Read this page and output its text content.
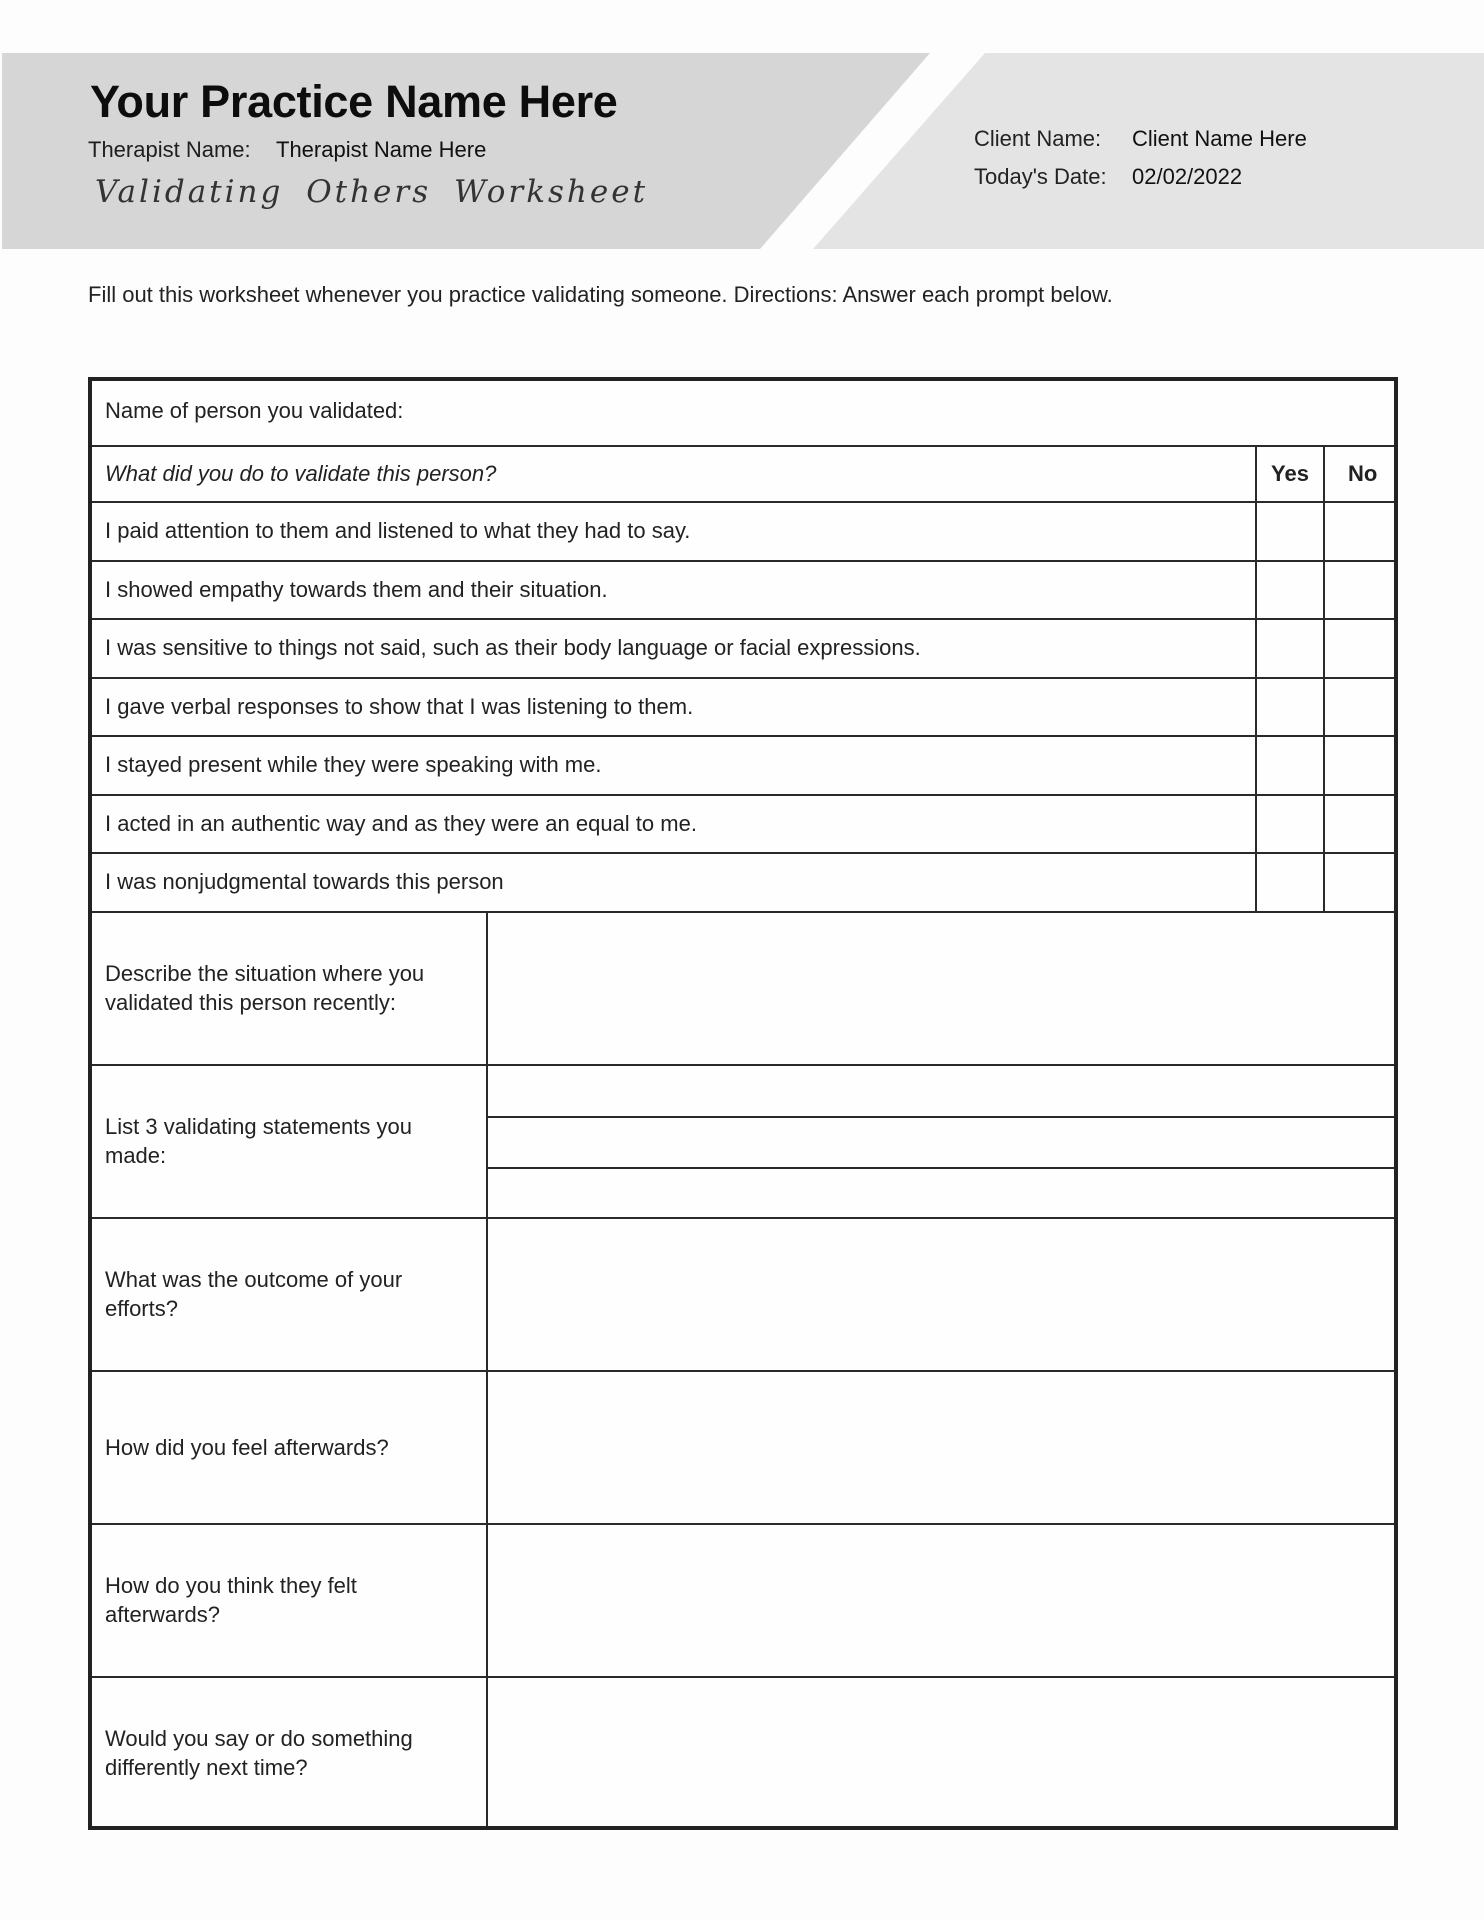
Your Practice Name Here
Therapist Name: Therapist Name Here
Validating Others Worksheet
Client Name: Client Name Here
Today's Date: 02/02/2022
Fill out this worksheet whenever you practice validating someone. Directions: Answer each prompt below.
Name of person you validated:
What did you do to validate this person?	Yes No
I paid attention to them and listened to what they had to say.
I showed empathy towards them and their situation.
I was sensitive to things not said, such as their body language or facial expressions.
I gave verbal responses to show that I was listening to them.
I stayed present while they were speaking with me.
I acted in an authentic way and as they were an equal to me.
I was nonjudgmental towards this person
Describe the situation where you validated this person recently:
List 3 validating statements you made:
What was the outcome of your efforts?
How did you feel afterwards?
How do you think they felt afterwards?
Would you say or do something differently next time?
